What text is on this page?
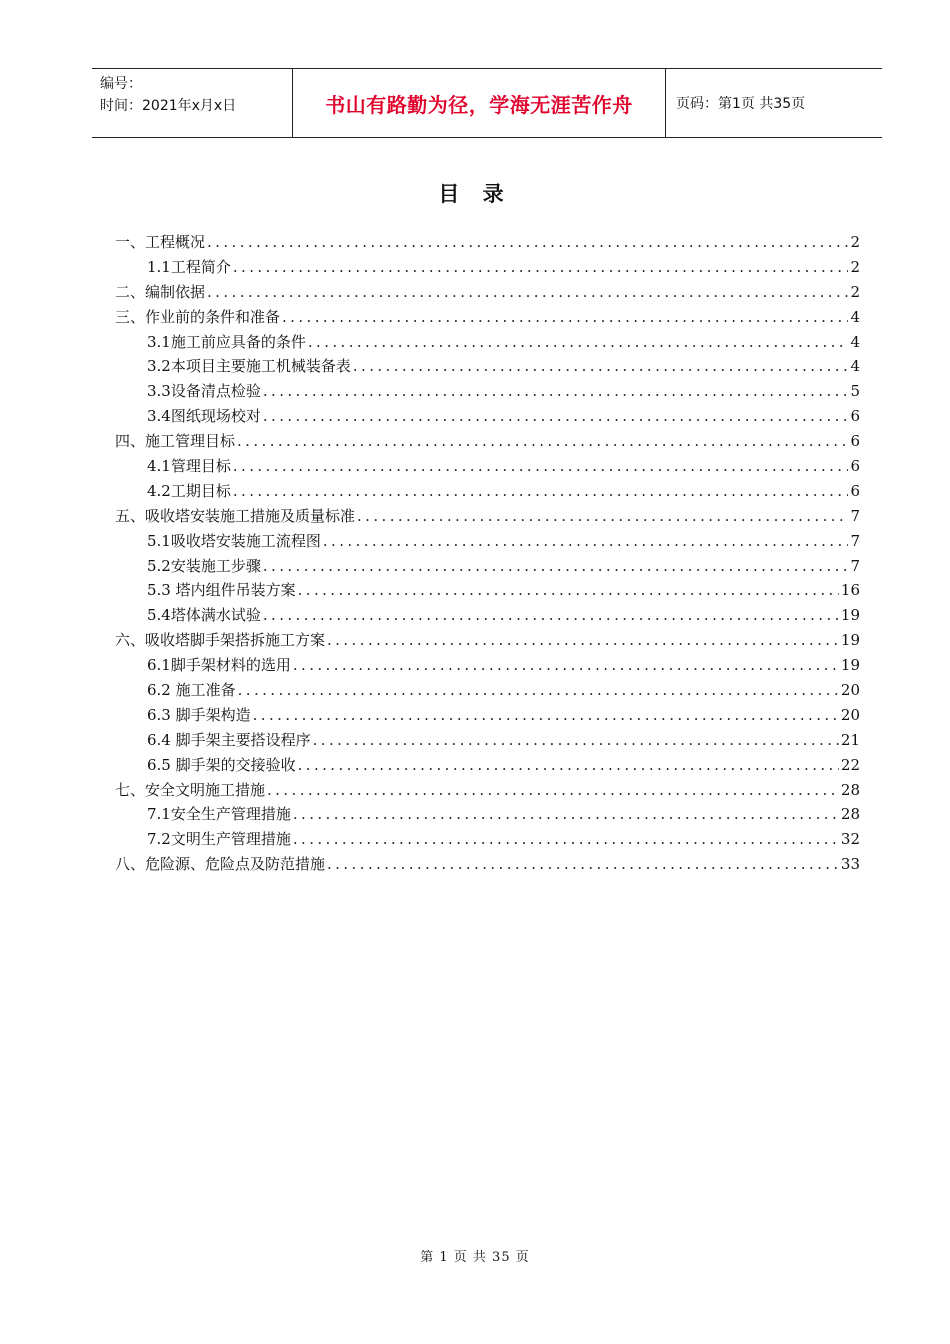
编号：
时间：2021年x月x日	书山有路勤为径，学海无涯苦作舟	页码：第1页 共35页
目 录
一、工程概况 .....	2
1.1工程简介 .....	2
二、编制依据 .....	2
三、作业前的条件和准备 .....	4
3.1施工前应具备的条件 .....	4
3.2本项目主要施工机械装备表 .....	4
3.3设备清点检验 .....	5
3.4图纸现场校对 .....	6
四、施工管理目标 .....	6
4.1管理目标 .....	6
4.2工期目标 .....	6
五、吸收塔安装施工措施及质量标准 .....	7
5.1吸收塔安装施工流程图 .....	7
5.2安装施工步骤 .....	7
5.3 塔内组件吊装方案 .....	16
5.4塔体满水试验 .....	19
六、吸收塔脚手架搭拆施工方案 .....	19
6.1脚手架材料的选用 .....	19
6.2 施工准备 .....	20
6.3 脚手架构造 .....	20
6.4 脚手架主要搭设程序 .....	21
6.5 脚手架的交接验收 .....	22
七、安全文明施工措施 .....	28
7.1安全生产管理措施 .....	28
7.2文明生产管理措施 .....	32
八、危险源、危险点及防范措施 .....	33
第 1 页 共 35 页
